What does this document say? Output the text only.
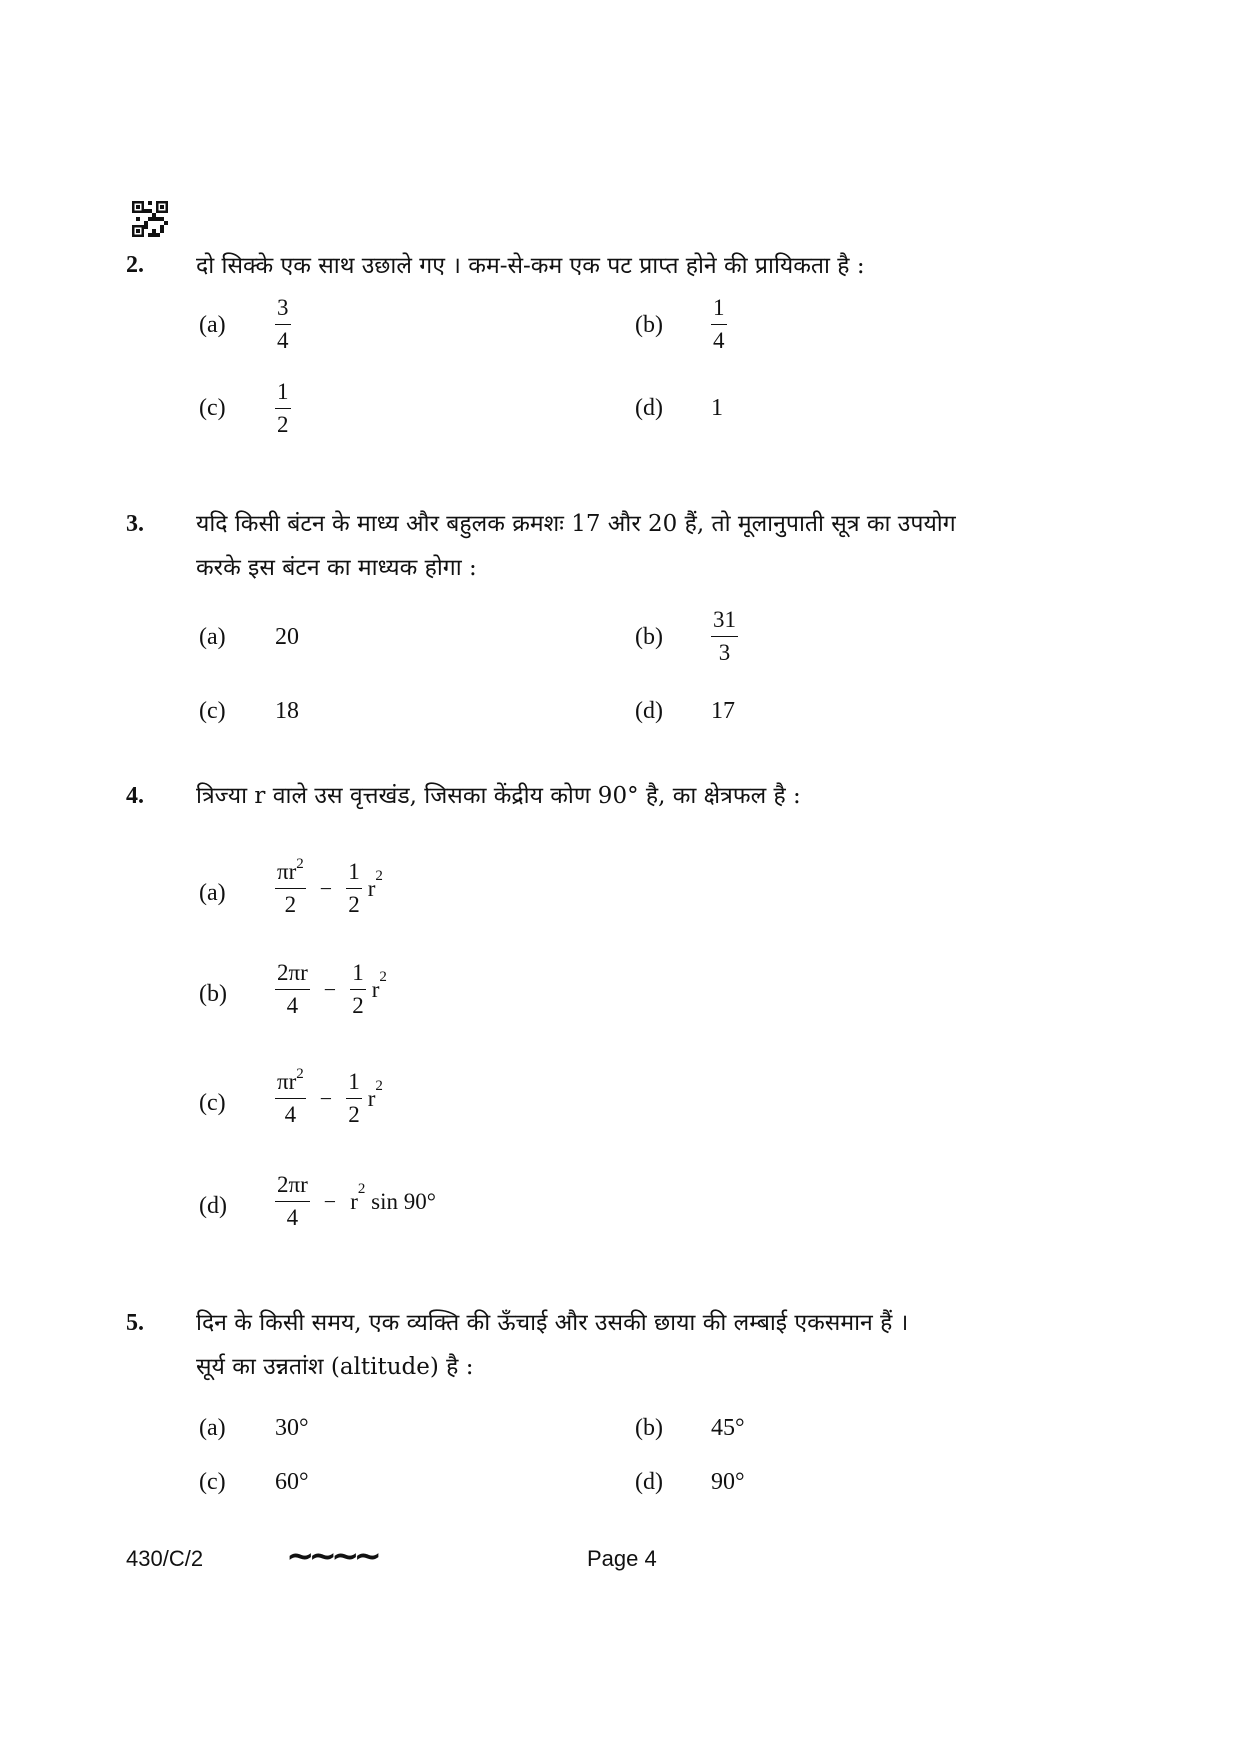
2. दो सिक्के एक साथ उछाले गए । कम-से-कम एक पट प्राप्त होने की प्रायिकता है :
$(a) \frac{3}{4}$	$(b) \frac{1}{4}$
$(c) \frac{1}{2}$	(d) 1
3. यदि किसी बंटन के माध्य और बहुलक क्रमशः 17 और 20 हैं, तो मूलानुपाती सूत्र का उपयोग
करके इस बंटन का माध्यक होगा :
(a) 20	$(b) \frac{31}{3}$
(c) 18	(d) 17
4. त्रिज्या r वाले उस वृत्तखंड, जिसका केंद्रीय कोण 90° है, का क्षेत्रफल है :
$(a) \frac{\pi r^2}{2} - \frac{1}{2}$ r 2
$(b) \frac{2\pi r}{4} - \frac{1}{2}$ r 2
$(c) \frac{\pi r^2}{4} - \frac{1}{2}$ r 2
$(d) \frac{2\pi r}{4} - r$ 2 sin 90°
5. दिन के किसी समय, एक व्यक्ति की ऊँचाई और उसकी छाया की लम्बाई एकसमान हैं ।
सूर्य का उन्नतांश (altitude) है :
(a) 30°	(b) 45°
(c) 60°	(d) 90°
430/C/2 ~~~~	Page 4
